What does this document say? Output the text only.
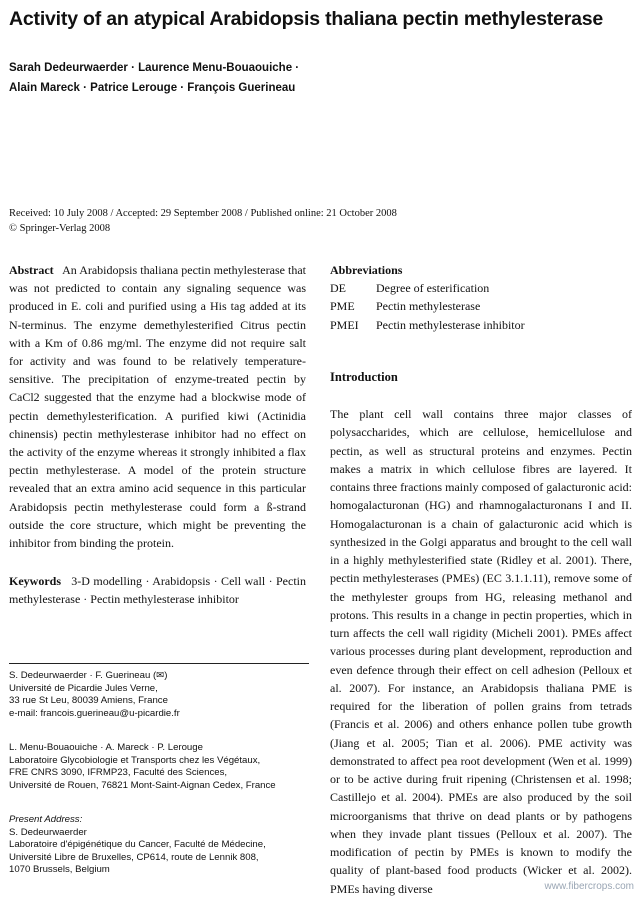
Activity of an atypical Arabidopsis thaliana pectin methylesterase
Sarah Dedeurwaerder · Laurence Menu-Bouaouiche ·
Alain Mareck · Patrice Lerouge · François Guerineau
Received: 10 July 2008 / Accepted: 29 September 2008 / Published online: 21 October 2008
© Springer-Verlag 2008

Abstract An Arabidopsis thaliana pectin methylesterase that was not predicted to contain any signaling sequence was produced in E. coli and purified using a His tag added at its N-terminus. The enzyme demethylesterified Citrus pectin with a Km of 0.86 mg/ml. The enzyme did not require salt for activity and was found to be relatively temperature-sensitive. The precipitation of enzyme-treated pectin by CaCl2 suggested that the enzyme had a blockwise mode of pectin demethylesterification. A purified kiwi (Actinidia chinensis) pectin methylesterase inhibitor had no effect on the activity of the enzyme whereas it strongly inhibited a flax pectin methylesterase. A model of the protein structure revealed that an extra amino acid sequence in this particular Arabidopsis pectin methylesterase could form a ß-strand outside the core structure, which might be preventing the inhibitor from binding the protein.

Keywords 3-D modelling · Arabidopsis · Cell wall · Pectin methylesterase · Pectin methylesterase inhibitor

S. Dedeurwaerder · F. Guerineau (✉)
Université de Picardie Jules Verne,
33 rue St Leu, 80039 Amiens, France
e-mail: francois.guerineau@u-picardie.fr
L. Menu-Bouaouiche · A. Mareck · P. Lerouge
Laboratoire Glycobiologie et Transports chez les Végétaux,
FRE CNRS 3090, IFRMP23, Faculté des Sciences,
Université de Rouen, 76821 Mont-Saint-Aignan Cedex, France
Present Address:
S. Dedeurwaerder
Laboratoire d'épigénétique du Cancer, Faculté de Médecine,
Université Libre de Bruxelles, CP614, route de Lennik 808,
1070 Brussels, Belgium
Abbreviations
DE	Degree of esterification
PME	Pectin methylesterase
PMEI	Pectin methylesterase inhibitor
Introduction
The plant cell wall contains three major classes of polysaccharides, which are cellulose, hemicellulose and pectin, as well as structural proteins and enzymes. Pectin makes a matrix in which cellulose fibres are layered. It contains three fractions mainly composed of galacturonic acid: homogalacturonan (HG) and rhamnogalacturonans I and II. Homogalacturonan is a chain of galacturonic acid which is synthesized in the Golgi apparatus and brought to the cell wall in a highly methylesterified state (Ridley et al. 2001). There, pectin methylesterases (PMEs) (EC 3.1.1.11), remove some of the methylester groups from HG, releasing methanol and protons. This results in a change in pectin properties, which in turn affects the cell wall rigidity (Micheli 2001). PMEs affect various processes during plant development, reproduction and even defence through their effect on cell adhesion (Pelloux et al. 2007). For instance, an Arabidopsis thaliana PME is required for the liberation of pollen grains from tetrads (Francis et al. 2006) and others enhance pollen tube growth (Jiang et al. 2005; Tian et al. 2006). PME activity was demonstrated to affect pea root development (Wen et al. 1999) or to be active during fruit ripening (Christensen et al. 1998; Castillejo et al. 2004). PMEs are also produced by the soil microorganisms that thrive on dead plants or by pathogens when they invade plant tissues (Pelloux et al. 2007). The modification of pectin by PMEs is known to modify the quality of plant-based food products (Wicker et al. 2002). PMEs having diverse	www.fibercrops.com
